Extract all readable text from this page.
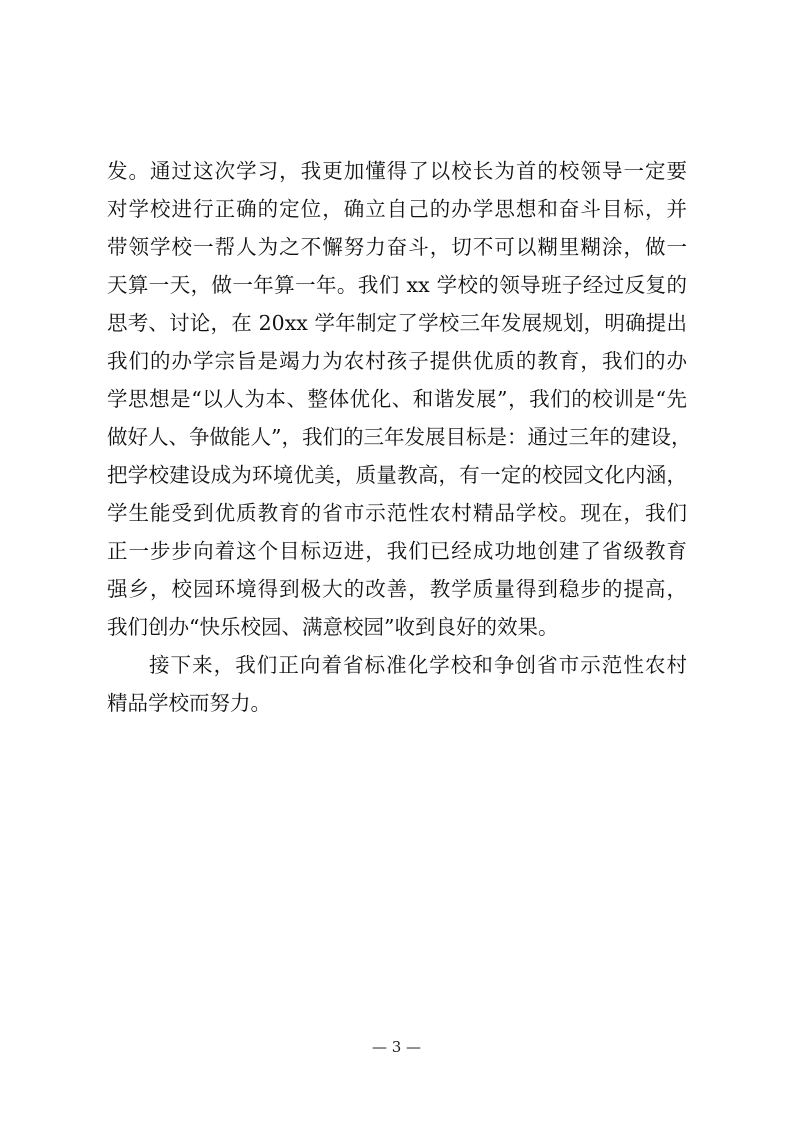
发。通过这次学习，我更加懂得了以校长为首的校领导一定要
对学校进行正确的定位，确立自己的办学思想和奋斗目标，并
带领学校一帮人为之不懈努力奋斗，切不可以糊里糊涂，做一
天算一天，做一年算一年。我们 xx 学校的领导班子经过反复的
思考、讨论，在 20xx 学年制定了学校三年发展规划，明确提出
我们的办学宗旨是竭力为农村孩子提供优质的教育，我们的办
学思想是“以人为本、整体优化、和谐发展”，我们的校训是“先
做好人、争做能人”，我们的三年发展目标是：通过三年的建设，
把学校建设成为环境优美，质量教高，有一定的校园文化内涵，
学生能受到优质教育的省市示范性农村精品学校。现在，我们
正一步步向着这个目标迈进，我们已经成功地创建了省级教育
强乡，校园环境得到极大的改善，教学质量得到稳步的提高，
我们创办“快乐校园、满意校园”收到良好的效果。
接下来，我们正向着省标准化学校和争创省市示范性农村
精品学校而努力。
— 3 —
